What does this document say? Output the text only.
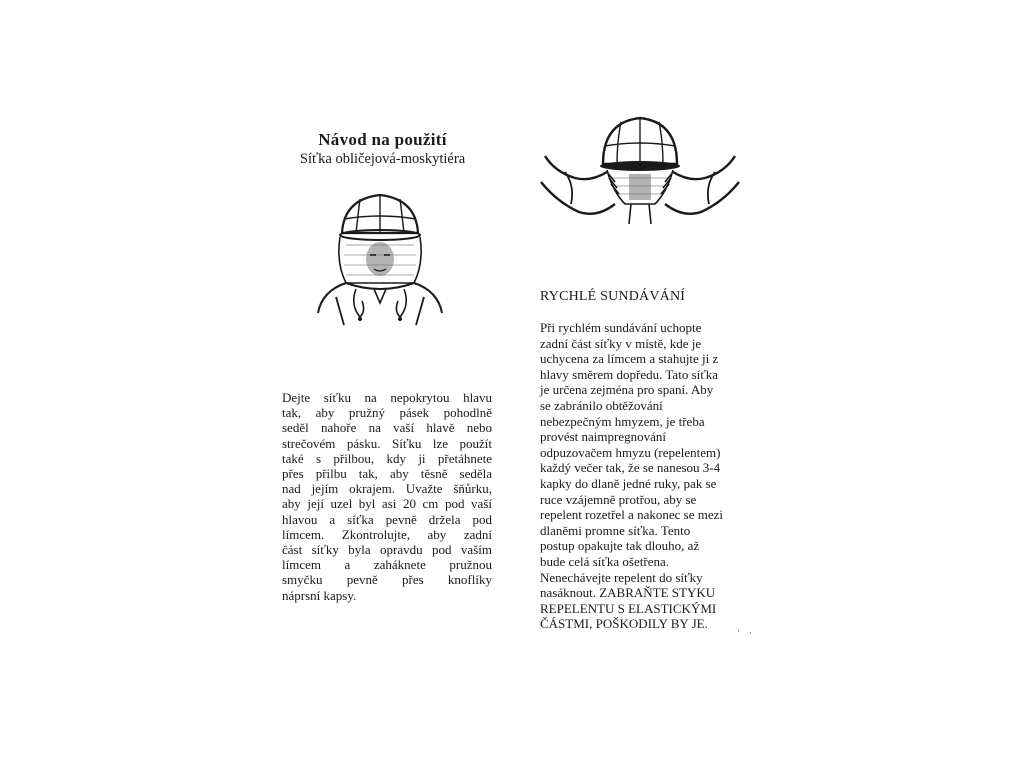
Návod na použití
Síťka obličejová-moskytiéra
Dejte síťku na nepokrytou hlavu
tak, aby pružný pásek pohodlně
seděl nahoře na vaší hlavě nebo
strečovém pásku. Síťku lze použít
také s přilbou, kdy ji přetáhnete
přes přilbu tak, aby těsně seděla
nad jejím okrajem. Uvažte šňůrku,
aby její uzel byl asi 20 cm pod vaší
hlavou a síťka pevně držela pod
límcem. Zkontrolujte, aby zadní
část síťky byla opravdu pod vaším
límcem a zaháknete pružnou
smyčku pevně přes knoflíky
náprsní kapsy.
RYCHLÉ SUNDÁVÁNÍ
Při rychlém sundávání uchopte
zadní část síťky v místě, kde je
uchycena za límcem a stahujte ji z
hlavy směrem dopředu. Tato síťka
je určena zejména pro spaní. Aby
se zabránilo obtěžování
nebezpečným hmyzem, je třeba
provést naimpregnování
odpuzovačem hmyzu (repelentem)
každý večer tak, že se nanesou 3-4
kapky do dlaně jedné ruky, pak se
ruce vzájemně protřou, aby se
repelent rozetřel a nakonec se mezi
dlaněmi promne síťka. Tento
postup opakujte tak dlouho, až
bude celá síťka ošetřena.
Nenechávejte repelent do síťky
nasáknout. ZABRAŇTE STYKU
REPELENTU S ELASTICKÝMI
ČÁSTMI, POŠKODILY BY JE.	· ·
